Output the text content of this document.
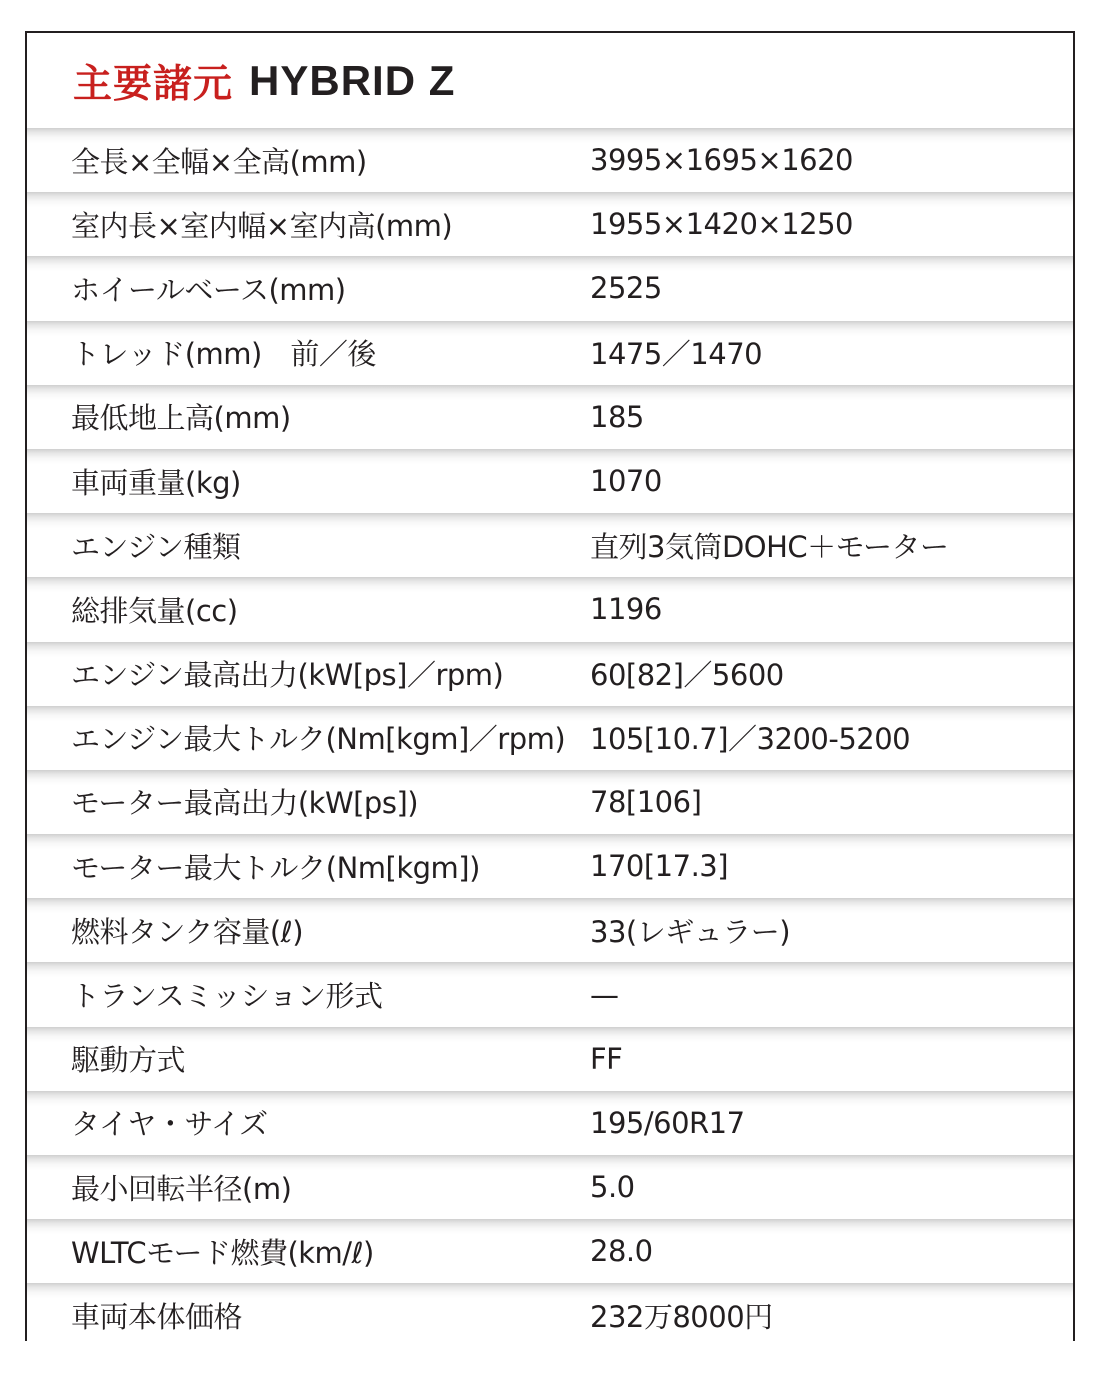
主要諸元 HYBRID Z
全長×全幅×全高(mm)	3995×1695×1620
室内長×室内幅×室内高(mm)	1955×1420×1250
ホイールベース(mm)	2525
トレッド(mm)　前／後	1475／1470
最低地上高(mm)	185
車両重量(kg)	1070
エンジン種類	直列3気筒DOHC＋モーター
総排気量(cc)	1196
エンジン最高出力(kW[ps]／rpm)	60[82]／5600
エンジン最大トルク(Nm[kgm]／rpm) 105[10.7]／3200-5200
モーター最高出力(kW[ps])	78[106]
モーター最大トルク(Nm[kgm])	170[17.3]
燃料タンク容量(ℓ)	33(レギュラー)
トランスミッション形式	—
駆動方式	FF
タイヤ・サイズ	195/60R17
最小回転半径(m)	5.0
WLTCモード燃費(km/ℓ)	28.0
車両本体価格	232万8000円
